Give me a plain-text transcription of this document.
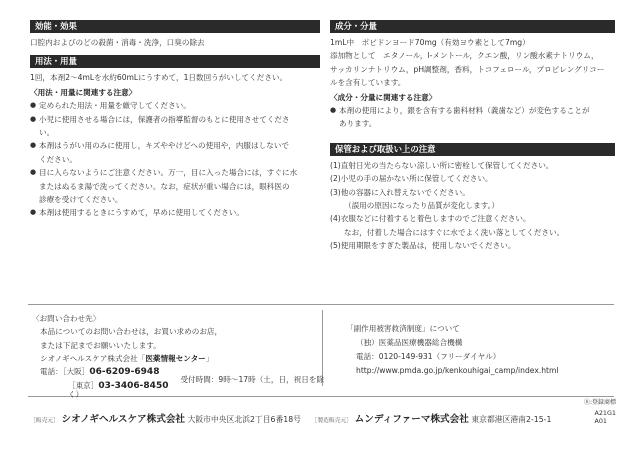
効能・効果

口腔内およびのどの殺菌・消毒・洗浄，口臭の除去

用法・用量

1回，本剤2～4mLを水約60mLにうすめて，1日数回うがいしてください。

〈用法・用量に関連する注意〉

● 定められた用法・用量を厳守してください。
● 小児に使用させる場合には，保護者の指導監督のもとに使用させてくださ
い。
● 本剤はうがい用のみに使用し，キズややけどへの使用や，内服はしないで
ください。
● 目に入らないようにご注意ください。万一，目に入った場合には，すぐに水
またはぬるま湯で洗ってください。なお，症状が重い場合には，眼科医の
診療を受けてください。
● 本剤は使用するときにうすめて，早めに使用してください。
成分・分量
1mL中　ポビドンヨード70mg（有効ヨウ素として7mg）
添加物として　エタノール，l-メントール，クエン酸，リン酸水素ナトリウム，
サッカリンナトリウム，pH調整剤，香料，トコフェロール，プロピレングリコー
ルを含有しています。

〈成分・分量に関連する注意〉

● 本剤の使用により，銀を含有する歯科材料（義歯など）が変色することが
あります。
保管および取扱い上の注意
(1)直射日光の当たらない涼しい所に密栓して保管してください。
(2)小児の手の届かない所に保管してください。
(3)他の容器に入れ替えないでください。
（誤用の原因になったり品質が変化します。）
(4)衣服などに付着すると着色しますのでご注意ください。
なお，付着した場合にはすぐに水でよく洗い落としてください。
(5)使用期限をすぎた製品は，使用しないでください。
〈お問い合わせ先〉
本品についてのお問い合わせは，お買い求めのお店，
または下記までお願いいたします。
シオノギヘルスケア株式会社「医薬情報センター」
電話：［大阪］06-6209-6948
［東京］03-3406-8450受付時間：9時～17時（土，日，祝日を除く）
「副作用被害救済制度」について
（独）医薬品医療機器総合機構
電話：0120-149-931（フリーダイヤル）
http://www.pmda.go.jp/kenkouhigai_camp/index.html
Ⓡ:登録商標
［販売元］ シオノギヘルスケア株式会社 大阪市中央区北浜2丁目6番18号 ［製造販売元］ ムンディファーマ株式会社 東京都港区港南2-15-1
A21G1
A01
